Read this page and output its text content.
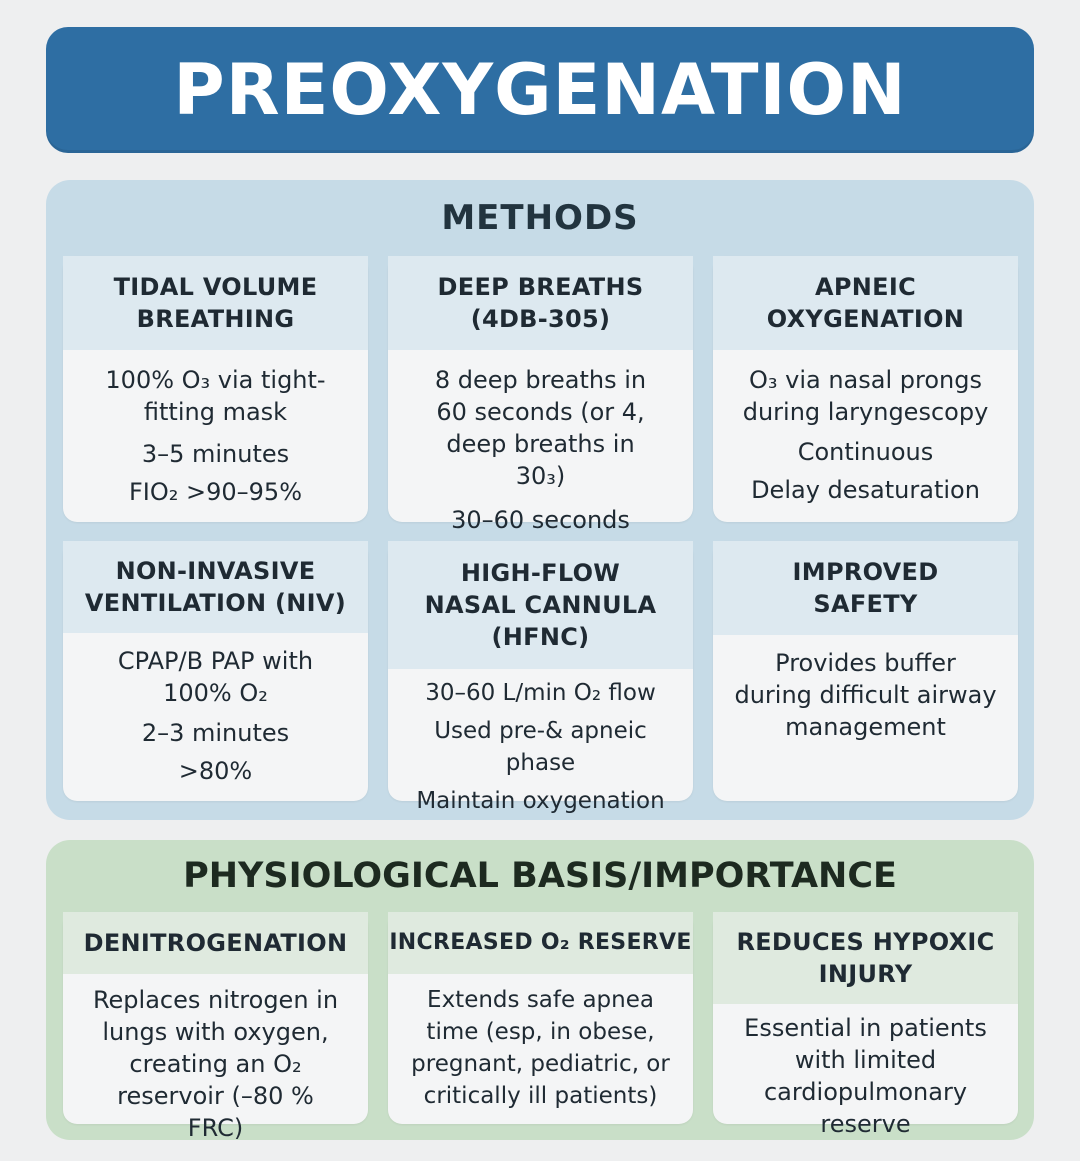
PREOXYGENATION
METHODS
TIDAL VOLUME
BREATHING
100% O₃ via tight-fitting mask
3–5 minutes
FIO₂ >90–95%
DEEP BREATHS
(4DB-305)
8 deep breaths in 60 seconds (or 4, deep breaths in 30₃)
30–60 seconds
APNEIC
OXYGENATION
O₃ via nasal prongs during laryngescopy
Continuous
Delay desaturation
NON-INVASIVE
VENTILATION (NIV)
CPAP/B PAP with 100% O₂
2–3 minutes
>80%
HIGH-FLOW
NASAL CANNULA
(HFNC)
30–60 L/min O₂ flow
Used pre-& apneic phase
Maintain oxygenation
IMPROVED
SAFETY
Provides buffer during difficult airway management
PHYSIOLOGICAL BASIS/IMPORTANCE
DENITROGENATION
Replaces nitrogen in lungs with oxygen, creating an O₂ reservoir (–80 % FRC)
INCREASED O₂ RESERVE
Extends safe apnea time (esp, in obese, pregnant, pediatric, or critically ill patients)
REDUCES HYPOXIC
INJURY
Essential in patients with limited cardiopulmonary reserve
